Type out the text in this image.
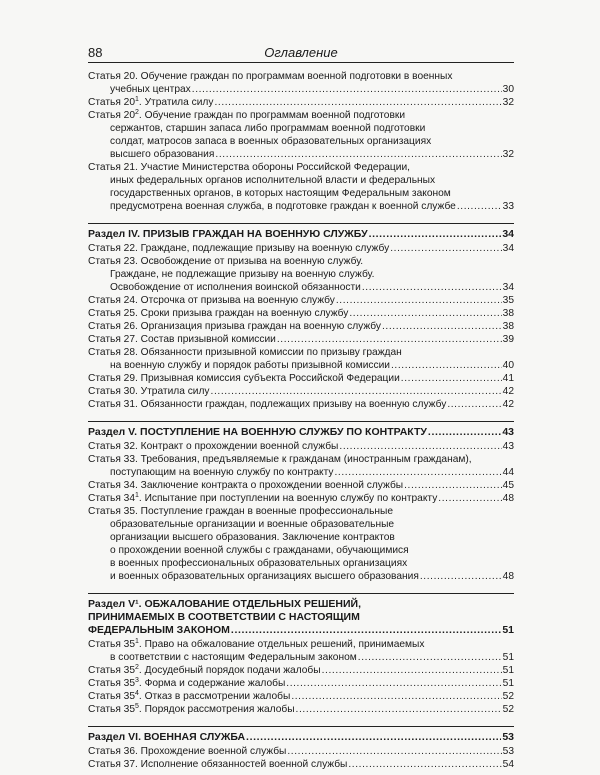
88	Оглавление
Статья 20. Обучение граждан по программам военной подготовки в военных
учебных центрах .....	30
Статья $20^1$. Утратила силу .....	32
Статья $20^2$. Обучение граждан по программам военной подготовки
сержантов, старшин запаса либо программам военной подготовки
солдат, матросов запаса в военных образовательных организациях
высшего образования .....	32
Статья 21. Участие Министерства обороны Российской Федерации,
иных федеральных органов исполнительной власти и федеральных
государственных органов, в которых настоящим Федеральным законом
предусмотрена военная служба, в подготовке граждан к военной службе .....	33
Раздел IV. ПРИЗЫВ ГРАЖДАН НА ВОЕННУЮ СЛУЖБУ .....	34
Статья 22. Граждане, подлежащие призыву на военную службу .....	34
Статья 23. Освобождение от призыва на военную службу.
Граждане, не подлежащие призыву на военную службу.
Освобождение от исполнения воинской обязанности .....	34
Статья 24. Отсрочка от призыва на военную службу .....	35
Статья 25. Сроки призыва граждан на военную службу .....	38
Статья 26. Организация призыва граждан на военную службу .....	38
Статья 27. Состав призывной комиссии .....	39
Статья 28. Обязанности призывной комиссии по призыву граждан
на военную службу и порядок работы призывной комиссии .....	40
Статья 29. Призывная комиссия субъекта Российской Федерации .....	41
Статья 30. Утратила силу .....	42
Статья 31. Обязанности граждан, подлежащих призыву на военную службу .....	42
Раздел V. ПОСТУПЛЕНИЕ НА ВОЕННУЮ СЛУЖБУ ПО КОНТРАКТУ .....	43
Статья 32. Контракт о прохождении военной службы .....	43
Статья 33. Требования, предъявляемые к гражданам (иностранным гражданам),
поступающим на военную службу по контракту .....	44
Статья 34. Заключение контракта о прохождении военной службы .....	45
Статья $34^1$. Испытание при поступлении на военную службу по контракту .....	48
Статья 35. Поступление граждан в военные профессиональные
образовательные организации и военные образовательные
организации высшего образования. Заключение контрактов
о прохождении военной службы с гражданами, обучающимися
в военных профессиональных образовательных организациях
и военных образовательных организациях высшего образования .....	48
Раздел V¹. ОБЖАЛОВАНИЕ ОТДЕЛЬНЫХ РЕШЕНИЙ,
ПРИНИМАЕМЫХ В СООТВЕТСТВИИ С НАСТОЯЩИМ
ФЕДЕРАЛЬНЫМ ЗАКОНОМ .....	51
Статья $35^1$. Право на обжалование отдельных решений, принимаемых
в соответствии с настоящим Федеральным законом .....	51
Статья $35^2$. Досудебный порядок подачи жалобы .....	51
Статья $35^3$. Форма и содержание жалобы .....	51
Статья $35^4$. Отказ в рассмотрении жалобы .....	52
Статья $35^5$. Порядок рассмотрения жалобы .....	52
Раздел VI. ВОЕННАЯ СЛУЖБА .....	53
Статья 36. Прохождение военной службы .....	53
Статья 37. Исполнение обязанностей военной службы .....	54
